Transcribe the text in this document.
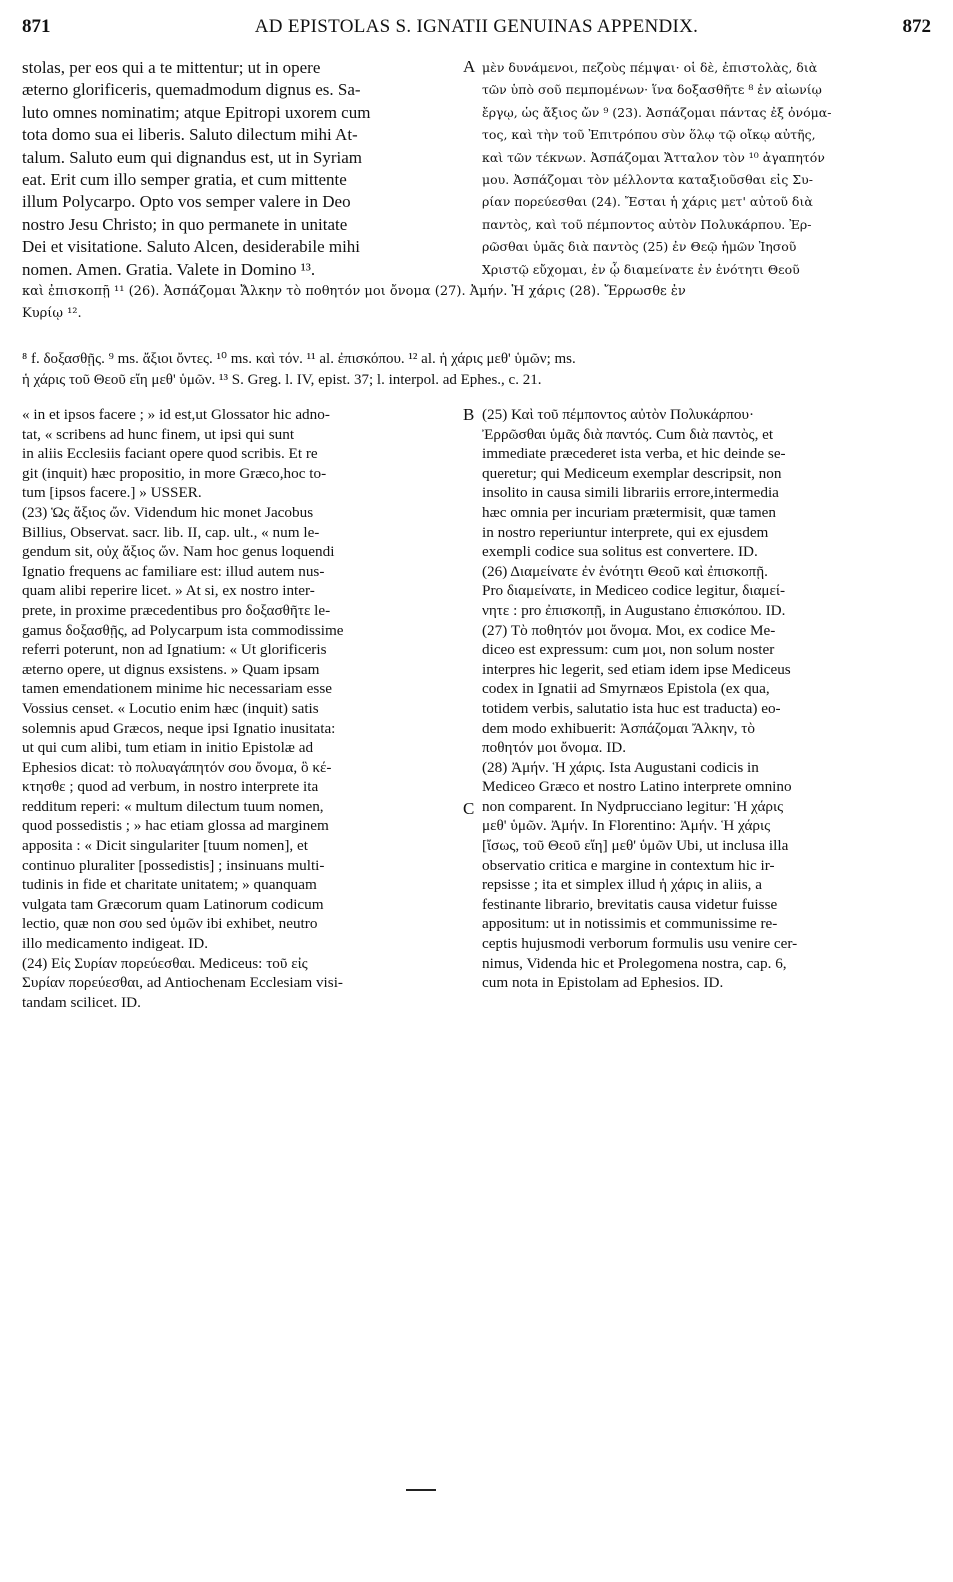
871	AD EPISTOLAS S. IGNATII GENUINAS APPENDIX.	872
stolas, per eos qui a te mittentur; ut in opere
æterno glorificeris, quemadmodum dignus es. Sa-
luto omnes nominatim; atque Epitropi uxorem cum
tota domo sua ei liberis. Saluto dilectum mihi At-
talum. Saluto eum qui dignandus est, ut in Syriam
eat. Erit cum illo semper gratia, et cum mittente
illum Polycarpo. Opto vos semper valere in Deo
nostro Jesu Christo; in quo permanete in unitate
Dei et visitatione. Saluto Alcen, desiderabile mihi
nomen. Amen. Gratia. Valete in Domino ¹³.
A μὲν δυνάμενοι, πεζοὺς πέμψαι· οἱ δὲ, ἐπιστολὰς, διὰ
τῶν ὑπὸ σοῦ πεμπομένων· ἵνα δοξασθῆτε ⁸ ἐν αἰωνίῳ
ἔργῳ, ὡς ἄξιος ὤν ⁹ (23). Ἀσπάζομαι πάντας ἐξ ὀνόμα-
τος, καὶ τὴν τοῦ Ἐπιτρόπου σὺν ὅλῳ τῷ οἴκῳ αὐτῆς,
καὶ τῶν τέκνων. Ἀσπάζομαι Ἄτταλον τὸν ¹⁰ ἀγαπητόν
μου. Ἀσπάζομαι τὸν μέλλοντα καταξιοῦσθαι εἰς Συ-
ρίαν πορεύεσθαι (24). Ἔσται ἡ χάρις μετ' αὐτοῦ διὰ
παντὸς, καὶ τοῦ πέμποντος αὐτὸν Πολυκάρπου. Ἐρ-
ρῶσθαι ὑμᾶς διὰ παντὸς (25) ἐν Θεῷ ἡμῶν Ἰησοῦ
Χριστῷ εὔχομαι, ἐν ᾧ διαμείνατε ἐν ἑνότητι Θεοῦ
καὶ ἐπισκοπῇ ¹¹ (26). Ἀσπάζομαι Ἄλκην τὸ ποθητόν μοι ὄνομα (27). Ἀμήν. Ἡ χάρις (28). Ἔρρωσθε ἐν
Κυρίῳ ¹².
⁸ f. δοξασθῇς. ⁹ ms. ἄξιοι ὄντες. ¹⁰ ms. καὶ τόν. ¹¹ al. ἐπισκόπου. ¹² al. ἡ χάρις μεθ' ὑμῶν; ms.
ἡ χάρις τοῦ Θεοῦ εἴη μεθ' ὑμῶν. ¹³ S. Greg. l. IV, epist. 37; l. interpol. ad Ephes., c. 21.
« in et ipsos facere ; » id est,ut Glossator hic adno-
tat, « scribens ad hunc finem, ut ipsi qui sunt
in aliis Ecclesiis faciant opere quod scribis. Et re
git (inquit) hæc propositio, in more Græco,hoc to-
tum [ipsos facere.] » USSER.
(23) Ὡς ἄξιος ὤν. Videndum hic monet Jacobus
Billius, Observat. sacr. lib. II, cap. ult., « num le-
gendum sit, οὐχ ἄξιος ὤν. Nam hoc genus loquendi
Ignatio frequens ac familiare est: illud autem nus-
quam alibi reperire licet. » At si, ex nostro inter-
prete, in proxime præcedentibus pro δοξασθῆτε le-
gamus δοξασθῇς, ad Polycarpum ista commodissime
referri poterunt, non ad Ignatium: « Ut glorificeris
æterno opere, ut dignus exsistens. » Quam ipsam
tamen emendationem minime hic necessariam esse
Vossius censet. « Locutio enim hæc (inquit) satis
solemnis apud Græcos, neque ipsi Ignatio inusitata:
ut qui cum alibi, tum etiam in initio Epistolæ ad
Ephesios dicat: τὸ πολυαγάπητόν σου ὄνομα, ὃ κέ-
κτησθε ; quod ad verbum, in nostro interprete ita
redditum reperi: « multum dilectum tuum nomen,
quod possedistis ; » hac etiam glossa ad marginem
apposita : « Dicit singulariter [tuum nomen], et
continuo pluraliter [possedistis] ; insinuans multi-
tudinis in fide et charitate unitatem; » quanquam
vulgata tam Græcorum quam Latinorum codicum
lectio, quæ non σου sed ὑμῶν ibi exhibet, neutro
illo medicamento indigeat. ID.
(24) Εἰς Συρίαν πορεύεσθαι. Mediceus: τοῦ εἰς
Συρίαν πορεύεσθαι, ad Antiochenam Ecclesiam visi-
tandam scilicet. ID.
B
C
(25) Καὶ τοῦ πέμποντος αὐτὸν Πολυκάρπου·
Ἐρρῶσθαι ὑμᾶς διὰ παντός. Cum διὰ παντὸς, et
immediate præcederet ista verba, et hic deinde se-
queretur; qui Mediceum exemplar descripsit, non
insolito in causa simili librariis errore,intermedia
hæc omnia per incuriam prætermisit, quæ tamen
in nostro reperiuntur interprete, qui ex ejusdem
exempli codice sua solitus est convertere. ID.
(26) Διαμείνατε ἐν ἑνότητι Θεοῦ καὶ ἐπισκοπῇ.
Pro διαμείνατε, in Mediceo codice legitur, διαμεί-
νητε : pro ἐπισκοπῇ, in Augustano ἐπισκόπου. ID.
(27) Τὸ ποθητόν μοι ὄνομα. Μοι, ex codice Me-
diceo est expressum: cum μοι, non solum noster
interpres hic legerit, sed etiam idem ipse Mediceus
codex in Ignatii ad Smyrnæos Epistola (ex qua,
totidem verbis, salutatio ista huc est traducta) eo-
dem modo exhibuerit: Ἀσπάζομαι Ἄλκην, τὸ
ποθητόν μοι ὄνομα. ID.
(28) Ἀμήν. Ἡ χάρις. Ista Augustani codicis in
Mediceo Græco et nostro Latino interprete omnino
non comparent. In Nydprucciano legitur: Ἡ χάρις
μεθ' ὑμῶν. Ἀμήν. In Florentino: Ἀμήν. Ἡ χάρις
[ἴσως, τοῦ Θεοῦ εἴη] μεθ' ὑμῶν Ubi, ut inclusa illa
observatio critica e margine in contextum hic ir-
repsisse ; ita et simplex illud ἡ χάρις in aliis, a
festinante librario, brevitatis causa videtur fuisse
appositum: ut in notissimis et communissime re-
ceptis hujusmodi verborum formulis usu venire cer-
nimus, Videnda hic et Prolegomena nostra, cap. 6,
cum nota in Epistolam ad Ephesios. ID.
